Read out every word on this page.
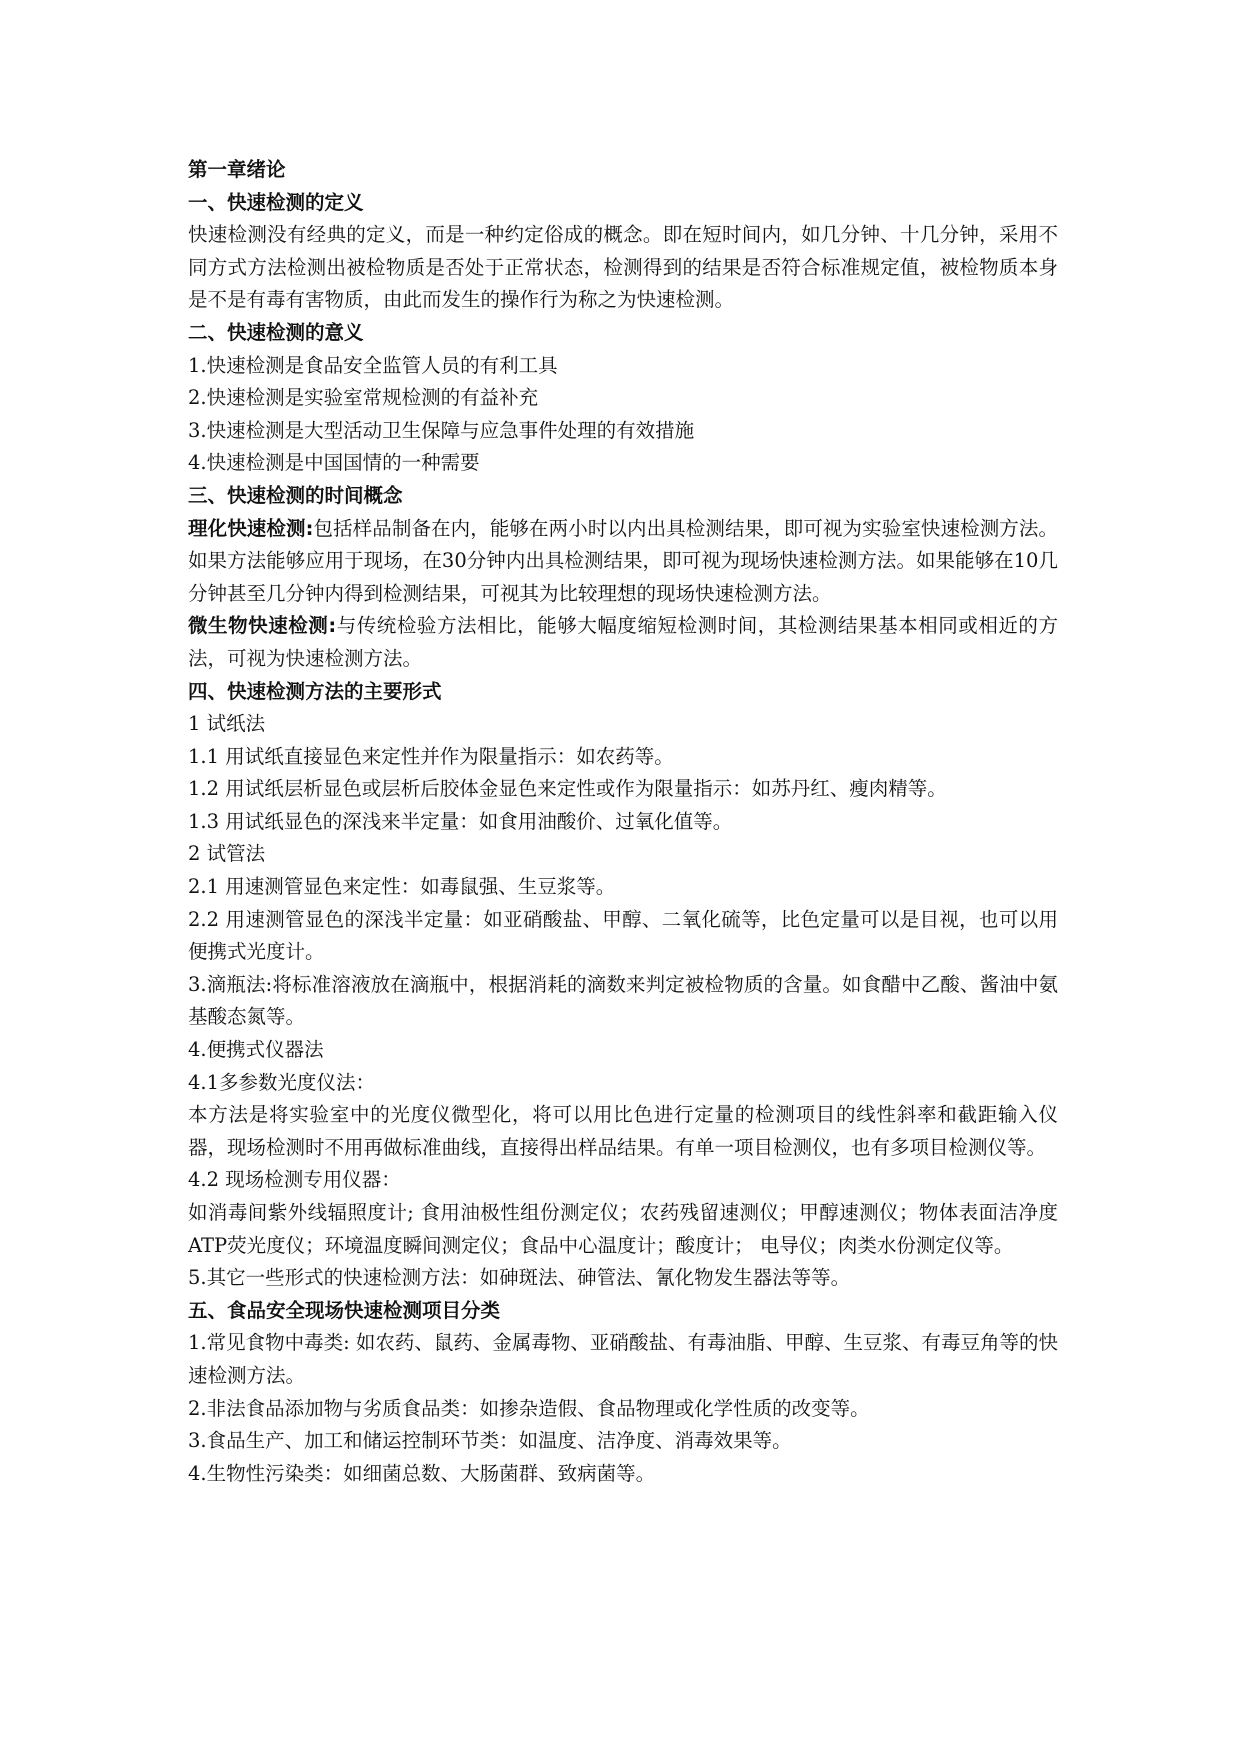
第一章绪论

一、快速检测的定义

快速检测没有经典的定义，而是一种约定俗成的概念。即在短时间内，如几分钟、十几分钟，采用不同方式方法检测出被检物质是否处于正常状态，检测得到的结果是否符合标准规定值，被检物质本身是不是有毒有害物质，由此而发生的操作行为称之为快速检测。

二、快速检测的意义

1.快速检测是食品安全监管人员的有利工具

2.快速检测是实验室常规检测的有益补充

3.快速检测是大型活动卫生保障与应急事件处理的有效措施

4.快速检测是中国国情的一种需要

三、快速检测的时间概念

理化快速检测:包括样品制备在内，能够在两小时以内出具检测结果，即可视为实验室快速检测方法。 如果方法能够应用于现场，在30分钟内出具检测结果，即可视为现场快速检测方法。如果能够在10几分钟甚至几分钟内得到检测结果，可视其为比较理想的现场快速检测方法。

微生物快速检测:与传统检验方法相比，能够大幅度缩短检测时间，其检测结果基本相同或相近的方法，可视为快速检测方法。

四、快速检测方法的主要形式

1 试纸法

1.1 用试纸直接显色来定性并作为限量指示：如农药等。

1.2 用试纸层析显色或层析后胶体金显色来定性或作为限量指示：如苏丹红、瘦肉精等。

1.3 用试纸显色的深浅来半定量：如食用油酸价、过氧化值等。

2 试管法

2.1 用速测管显色来定性：如毒鼠强、生豆浆等。

2.2 用速测管显色的深浅半定量：如亚硝酸盐、甲醇、二氧化硫等，比色定量可以是目视，也可以用便携式光度计。

3.滴瓶法:将标准溶液放在滴瓶中，根据消耗的滴数来判定被检物质的含量。如食醋中乙酸、酱油中氨基酸态氮等。

4.便携式仪器法

4.1多参数光度仪法：

本方法是将实验室中的光度仪微型化，将可以用比色进行定量的检测项目的线性斜率和截距输入仪器，现场检测时不用再做标准曲线，直接得出样品结果。有单一项目检测仪，也有多项目检测仪等。

4.2 现场检测专用仪器：

如消毒间紫外线辐照度计; 食用油极性组份测定仪；农药残留速测仪；甲醇速测仪；物体表面洁净度ATP荧光度仪；环境温度瞬间测定仪；食品中心温度计；酸度计； 电导仪；肉类水份测定仪等。

5.其它一些形式的快速检测方法：如砷斑法、砷管法、氰化物发生器法等等。

五、食品安全现场快速检测项目分类

1.常见食物中毒类: 如农药、鼠药、金属毒物、亚硝酸盐、有毒油脂、甲醇、生豆浆、有毒豆角等的快速检测方法。

2.非法食品添加物与劣质食品类：如掺杂造假、食品物理或化学性质的改变等。

3.食品生产、加工和储运控制环节类：如温度、洁净度、消毒效果等。

4.生物性污染类：如细菌总数、大肠菌群、致病菌等。
